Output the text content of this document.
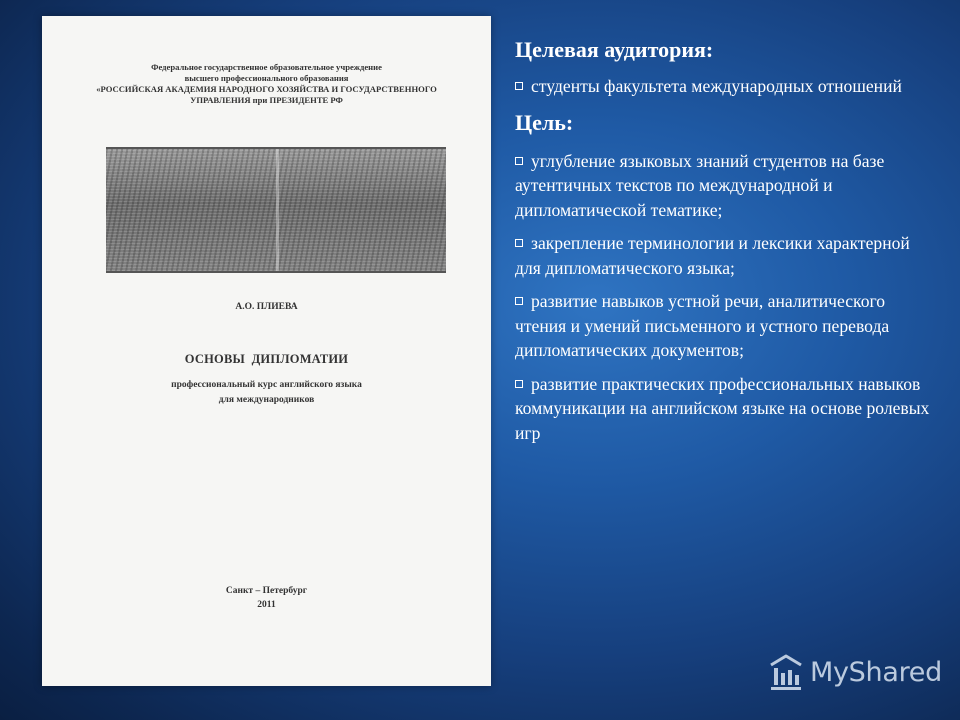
Федеральное государственное образовательное учреждение
высшего профессионального образования
«РОССИЙСКАЯ АКАДЕМИЯ НАРОДНОГО ХОЗЯЙСТВА И ГОСУДАРСТВЕННОГО
УПРАВЛЕНИЯ при ПРЕЗИДЕНТЕ РФ
А.О. ПЛИЕВА
ОСНОВЫ  ДИПЛОМАТИИ
профессиональный курс английского языка
для международников
Санкт – Петербург
2011

Целевая аудитория:

студенты факультета международных отношений

Цель:

углубление языковых знаний студентов на базе аутентичных текстов по международной и дипломатической тематике;

закрепление терминологии и лексики характерной для дипломатического языка;

развитие навыков устной речи, аналитического чтения и умений письменного и устного перевода дипломатических документов;

развитие практических профессиональных навыков коммуникации на английском языке на основе ролевых игр

MyShared
